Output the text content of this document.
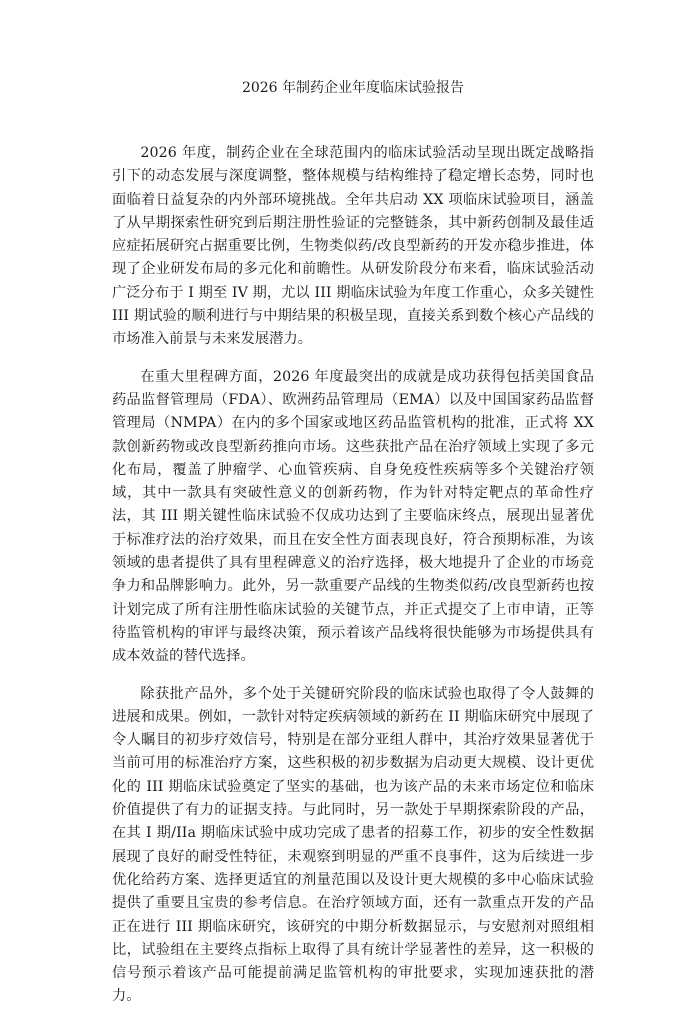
2026 年制药企业年度临床试验报告

2026 年度，制药企业在全球范围内的临床试验活动呈现出既定战略指引下的动态发展与深度调整，整体规模与结构维持了稳定增长态势，同时也面临着日益复杂的内外部环境挑战。全年共启动 XX 项临床试验项目，涵盖了从早期探索性研究到后期注册性验证的完整链条，其中新药创制及最佳适应症拓展研究占据重要比例，生物类似药/改良型新药的开发亦稳步推进，体现了企业研发布局的多元化和前瞻性。从研发阶段分布来看，临床试验活动广泛分布于 I 期至 IV 期，尤以 III 期临床试验为年度工作重心，众多关键性 III 期试验的顺利进行与中期结果的积极呈现，直接关系到数个核心产品线的市场准入前景与未来发展潜力。

在重大里程碑方面，2026 年度最突出的成就是成功获得包括美国食品药品监督管理局（FDA）、欧洲药品管理局（EMA）以及中国国家药品监督管理局（NMPA）在内的多个国家或地区药品监管机构的批准，正式将 XX 款创新药物或改良型新药推向市场。这些获批产品在治疗领域上实现了多元化布局，覆盖了肿瘤学、心血管疾病、自身免疫性疾病等多个关键治疗领域，其中一款具有突破性意义的创新药物，作为针对特定靶点的革命性疗法，其 III 期关键性临床试验不仅成功达到了主要临床终点，展现出显著优于标准疗法的治疗效果，而且在安全性方面表现良好，符合预期标准，为该领域的患者提供了具有里程碑意义的治疗选择，极大地提升了企业的市场竞争力和品牌影响力。此外，另一款重要产品线的生物类似药/改良型新药也按计划完成了所有注册性临床试验的关键节点，并正式提交了上市申请，正等待监管机构的审评与最终决策，预示着该产品线将很快能够为市场提供具有成本效益的替代选择。

除获批产品外，多个处于关键研究阶段的临床试验也取得了令人鼓舞的进展和成果。例如，一款针对特定疾病领域的新药在 II 期临床研究中展现了令人瞩目的初步疗效信号，特别是在部分亚组人群中，其治疗效果显著优于当前可用的标准治疗方案，这些积极的初步数据为启动更大规模、设计更优化的 III 期临床试验奠定了坚实的基础，也为该产品的未来市场定位和临床价值提供了有力的证据支持。与此同时，另一款处于早期探索阶段的产品，在其 I 期/IIa 期临床试验中成功完成了患者的招募工作，初步的安全性数据展现了良好的耐受性特征，未观察到明显的严重不良事件，这为后续进一步优化给药方案、选择更适宜的剂量范围以及设计更大规模的多中心临床试验提供了重要且宝贵的参考信息。在治疗领域方面，还有一款重点开发的产品正在进行 III 期临床研究，该研究的中期分析数据显示，与安慰剂对照组相比，试验组在主要终点指标上取得了具有统计学显著性的差异，这一积极的信号预示着该产品可能提前满足监管机构的审批要求，实现加速获批的潜力。
